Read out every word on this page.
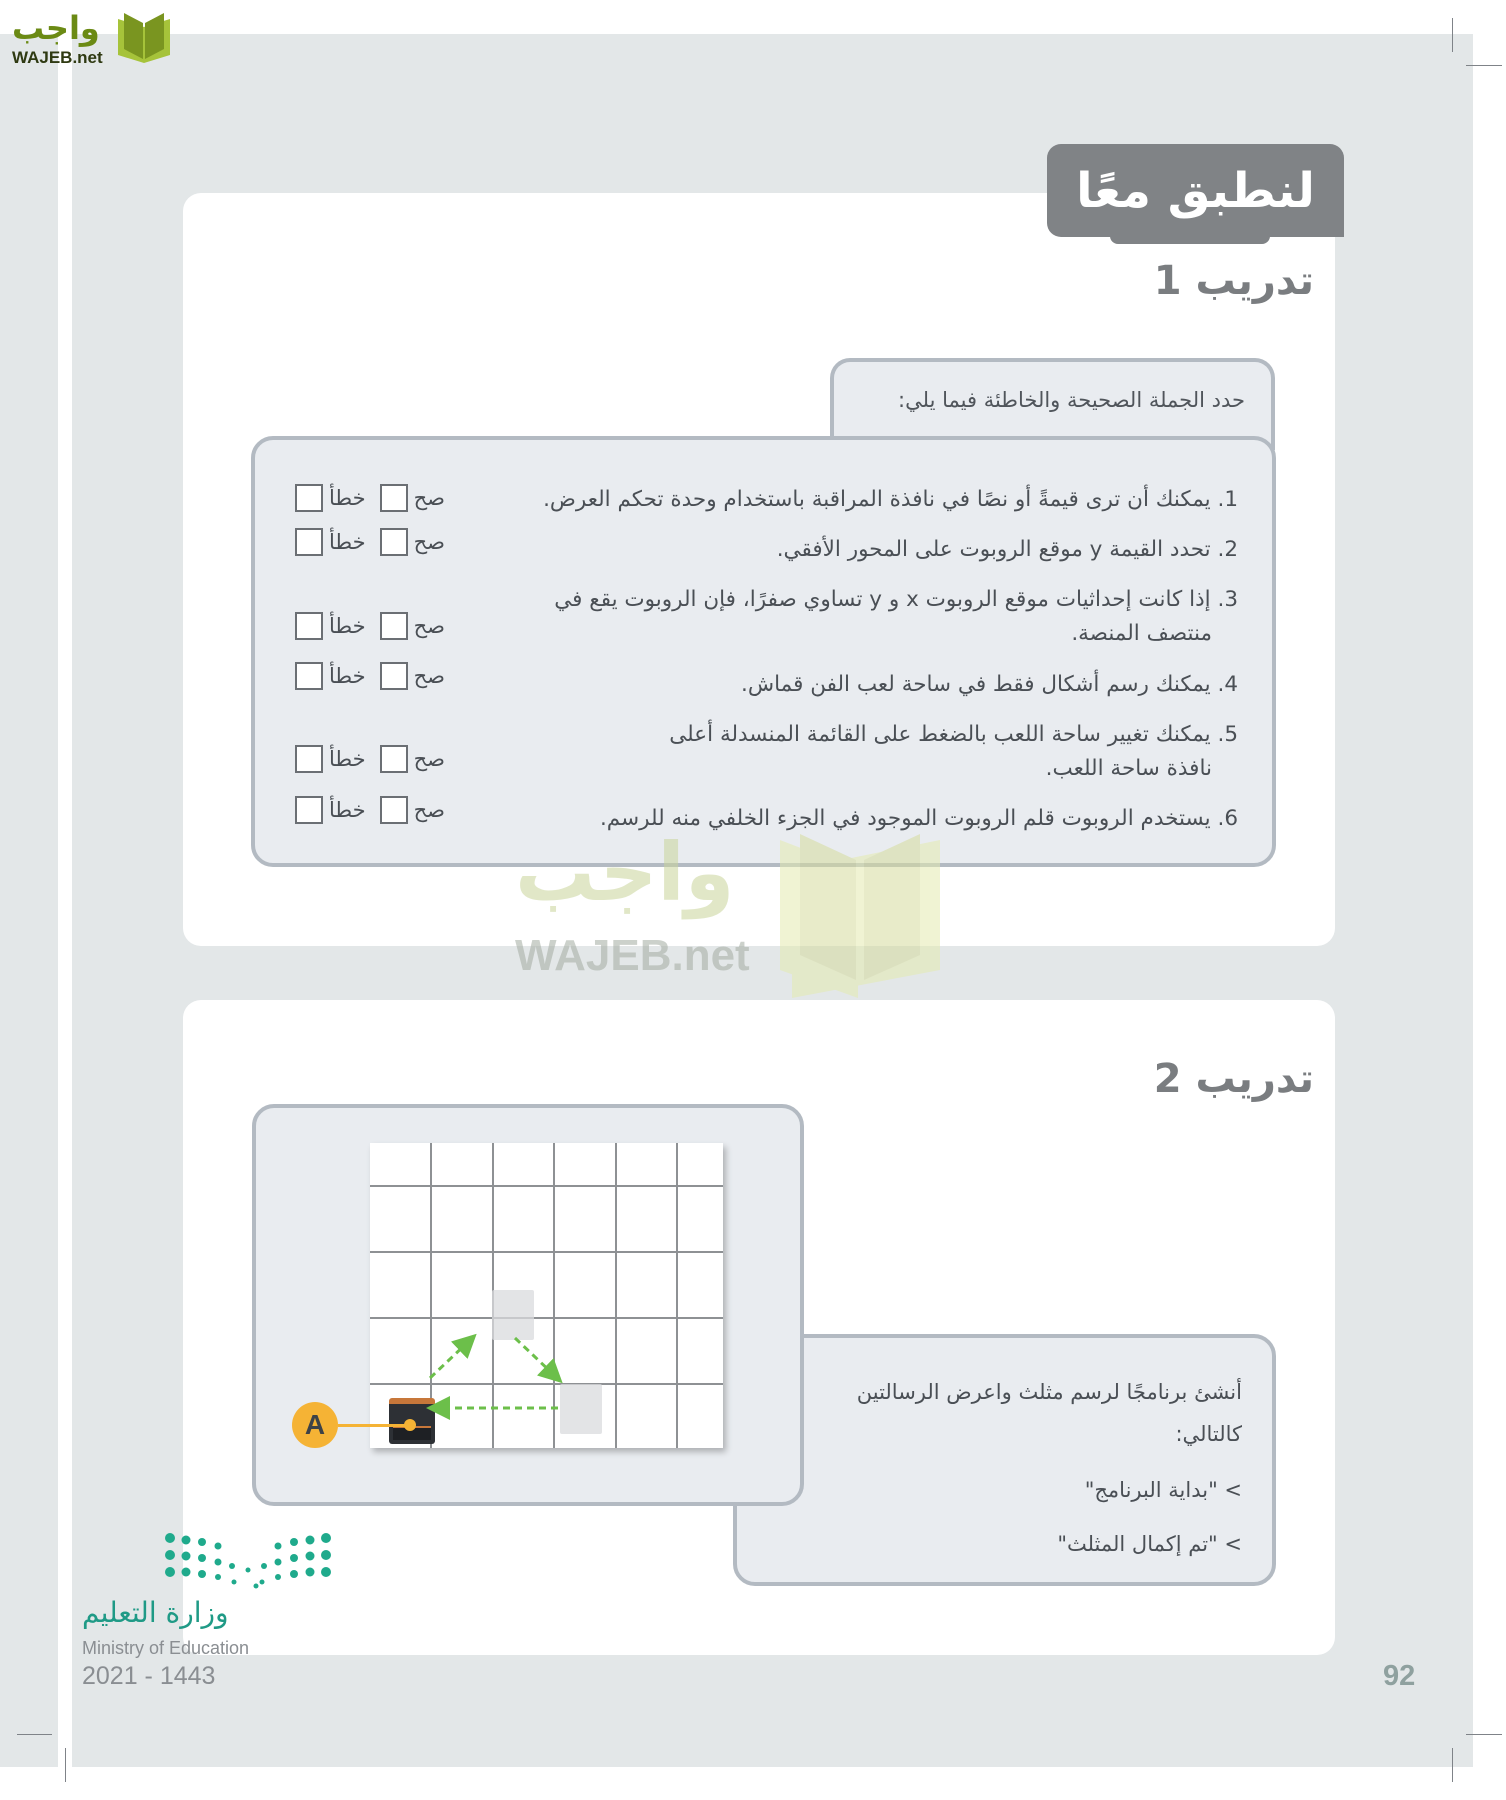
واجب
WAJEB.net
لنطبق معًا
تدريب 1
حدد الجملة الصحيحة والخاطئة فيما يلي:
1. يمكنك أن ترى قيمةً أو نصًا في نافذة المراقبة باستخدام وحدة تحكم العرض.
صح
خطأ
2. تحدد القيمة y موقع الروبوت على المحور الأفقي.
صح
خطأ
3. إذا كانت إحداثيات موقع الروبوت x و y تساوي صفرًا، فإن الروبوت يقع في
منتصف المنصة.
صح
خطأ
4. يمكنك رسم أشكال فقط في ساحة لعب الفن قماش.
صح
خطأ
5. يمكنك تغيير ساحة اللعب بالضغط على القائمة المنسدلة أعلى
نافذة ساحة اللعب.
صح
خطأ
6. يستخدم الروبوت قلم الروبوت الموجود في الجزء الخلفي منه للرسم.
صح
خطأ
واجب
WAJEB.net
تدريب 2
أنشئ برنامجًا لرسم مثلث واعرض الرسالتين
كالتالي:
> "بداية البرنامج"
> "تم إكمال المثلث"
A
وزارة التعليم
Ministry of Education
2021 - 1443	92
